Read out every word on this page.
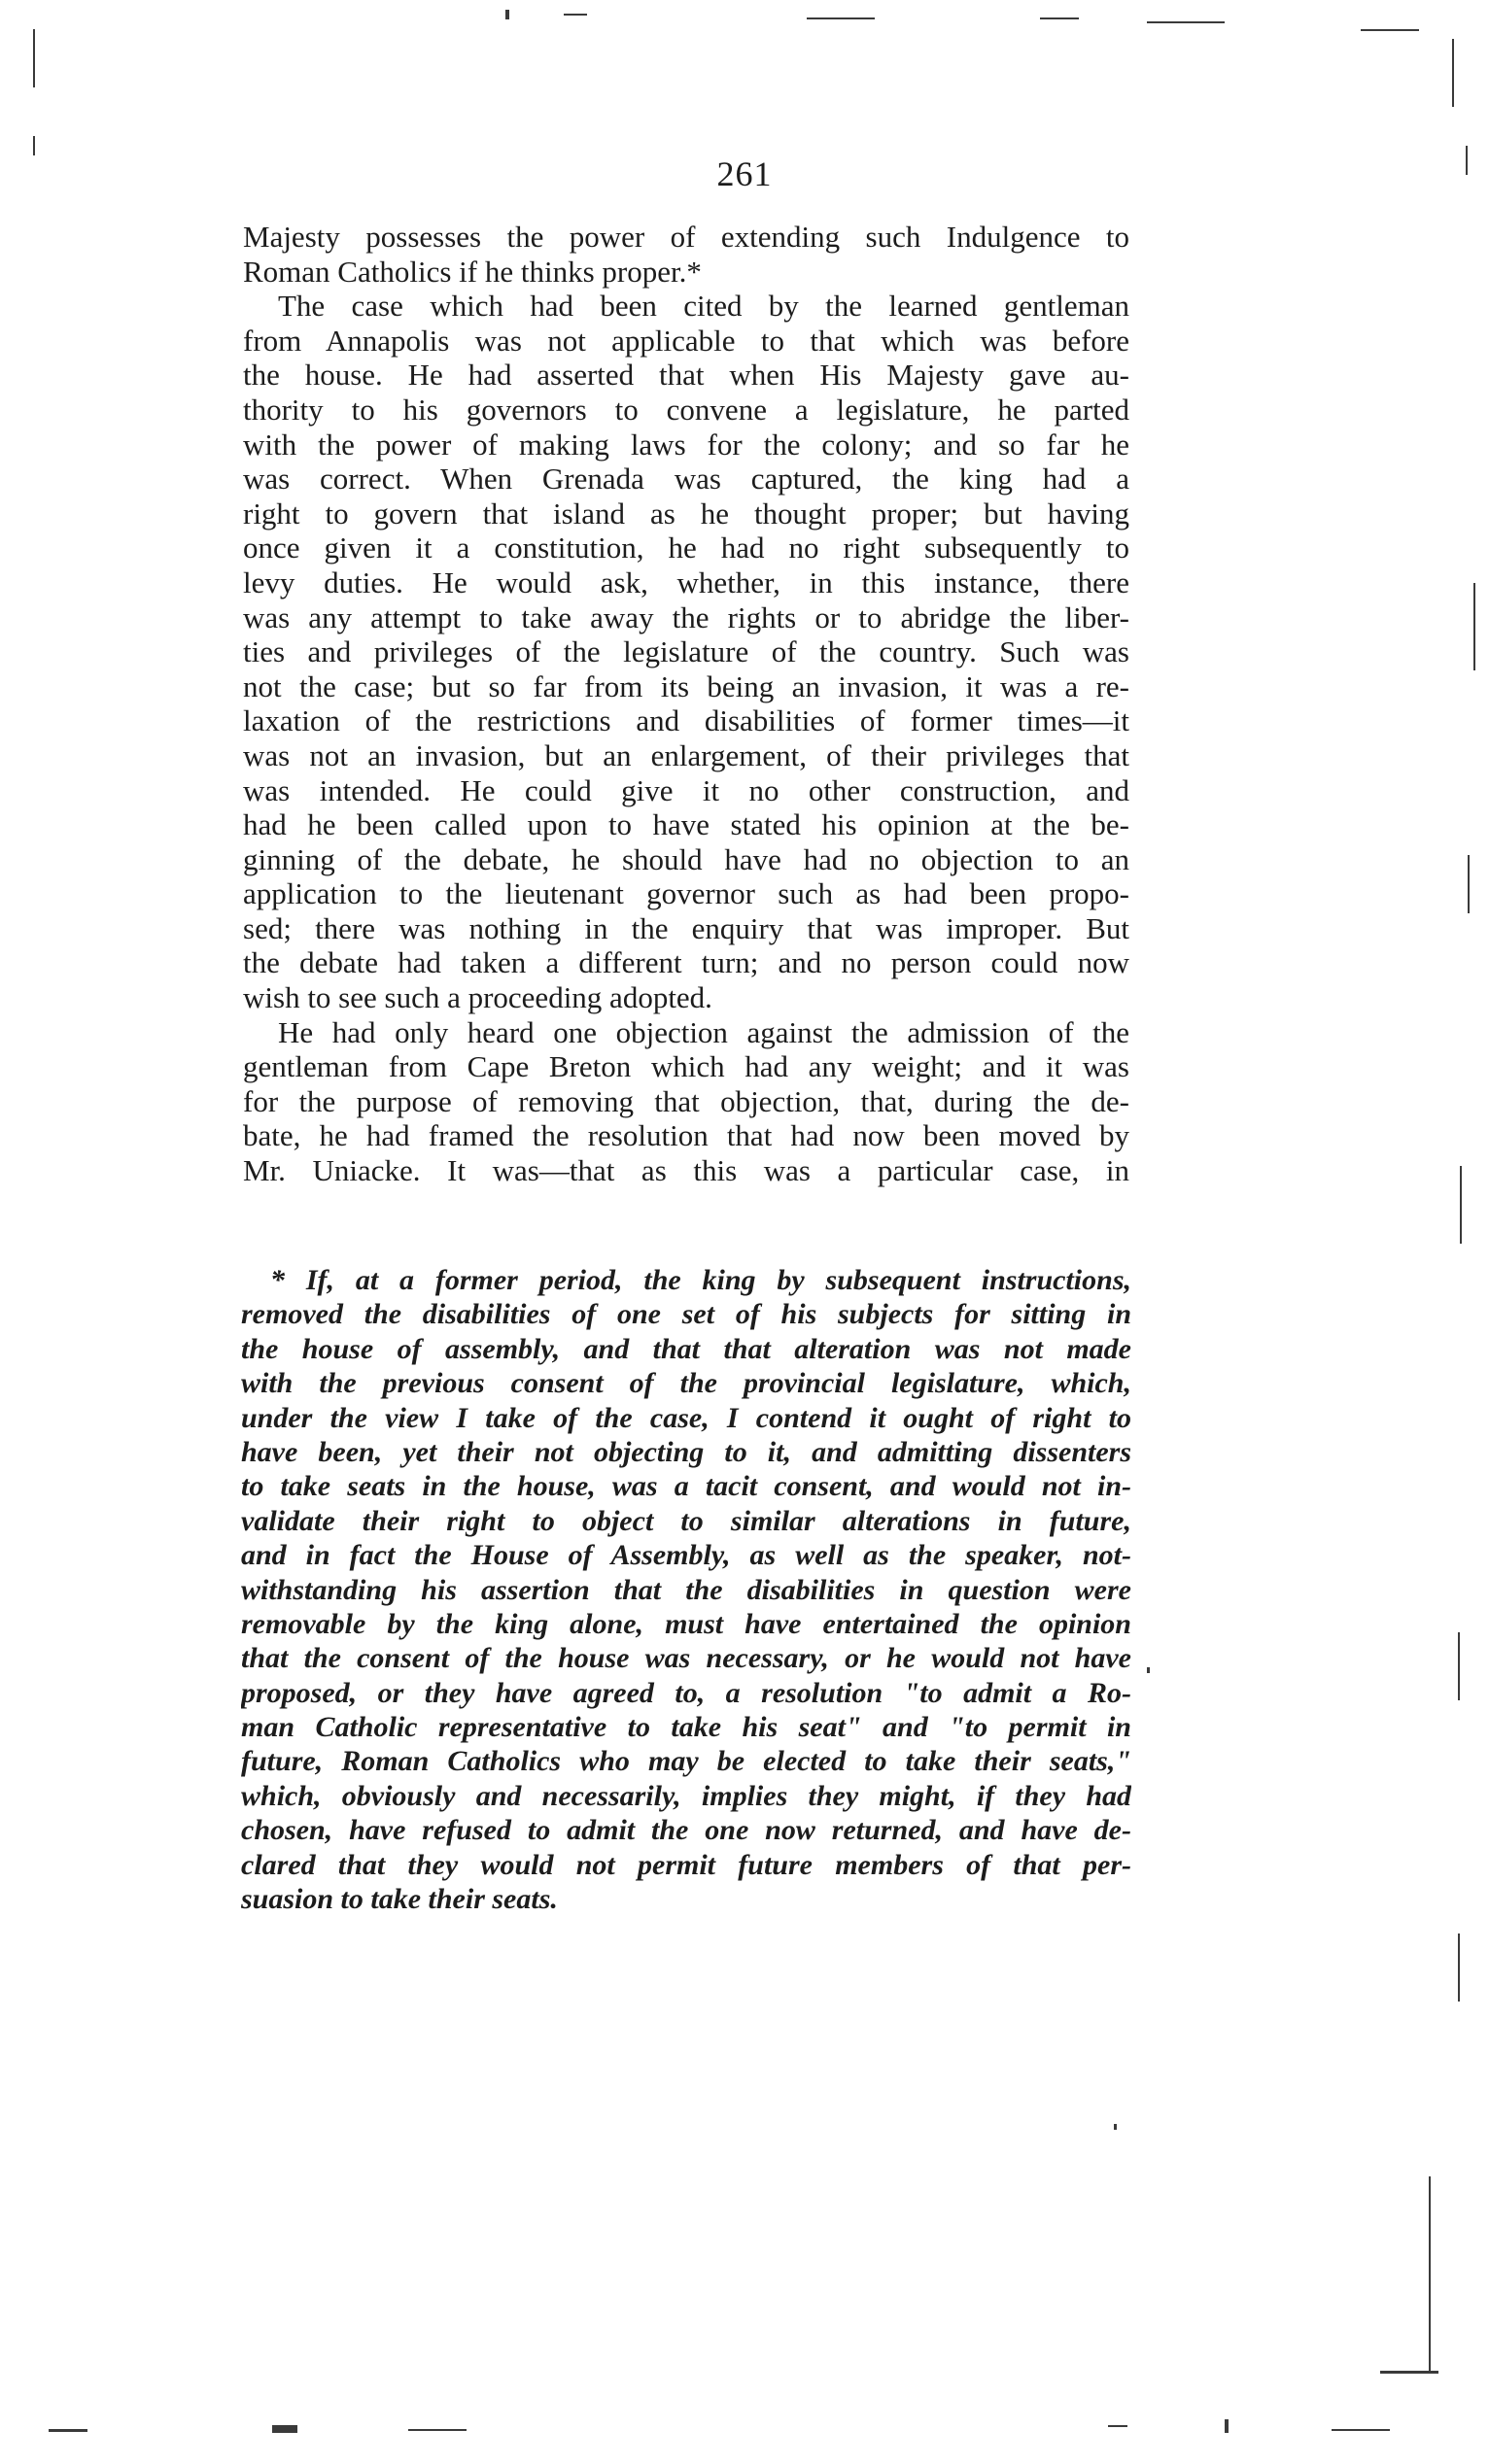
261
Majesty possesses the power of extending such Indulgence to
Roman Catholics if he thinks proper.*
The case which had been cited by the learned gentleman
from Annapolis was not applicable to that which was before
the house. He had asserted that when His Majesty gave au-
thority to his governors to convene a legislature, he parted
with the power of making laws for the colony; and so far he
was correct. When Grenada was captured, the king had a
right to govern that island as he thought proper; but having
once given it a constitution, he had no right subsequently to
levy duties. He would ask, whether, in this instance, there
was any attempt to take away the rights or to abridge the liber-
ties and privileges of the legislature of the country. Such was
not the case; but so far from its being an invasion, it was a re-
laxation of the restrictions and disabilities of former times—it
was not an invasion, but an enlargement, of their privileges that
was intended. He could give it no other construction, and
had he been called upon to have stated his opinion at the be-
ginning of the debate, he should have had no objection to an
application to the lieutenant governor such as had been propo-
sed; there was nothing in the enquiry that was improper. But
the debate had taken a different turn; and no person could now
wish to see such a proceeding adopted.
He had only heard one objection against the admission of the
gentleman from Cape Breton which had any weight; and it was
for the purpose of removing that objection, that, during the de-
bate, he had framed the resolution that had now been moved by
Mr. Uniacke. It was—that as this was a particular case, in
* If, at a former period, the king by subsequent instructions,
removed the disabilities of one set of his subjects for sitting in
the house of assembly, and that that alteration was not made
with the previous consent of the provincial legislature, which,
under the view I take of the case, I contend it ought of right to
have been, yet their not objecting to it, and admitting dissenters
to take seats in the house, was a tacit consent, and would not in-
validate their right to object to similar alterations in future,
and in fact the House of Assembly, as well as the speaker, not-
withstanding his assertion that the disabilities in question were
removable by the king alone, must have entertained the opinion
that the consent of the house was necessary, or he would not have
proposed, or they have agreed to, a resolution "to admit a Ro-
man Catholic representative to take his seat" and "to permit in
future, Roman Catholics who may be elected to take their seats,"
which, obviously and necessarily, implies they might, if they had
chosen, have refused to admit the one now returned, and have de-
clared that they would not permit future members of that per-
suasion to take their seats.
